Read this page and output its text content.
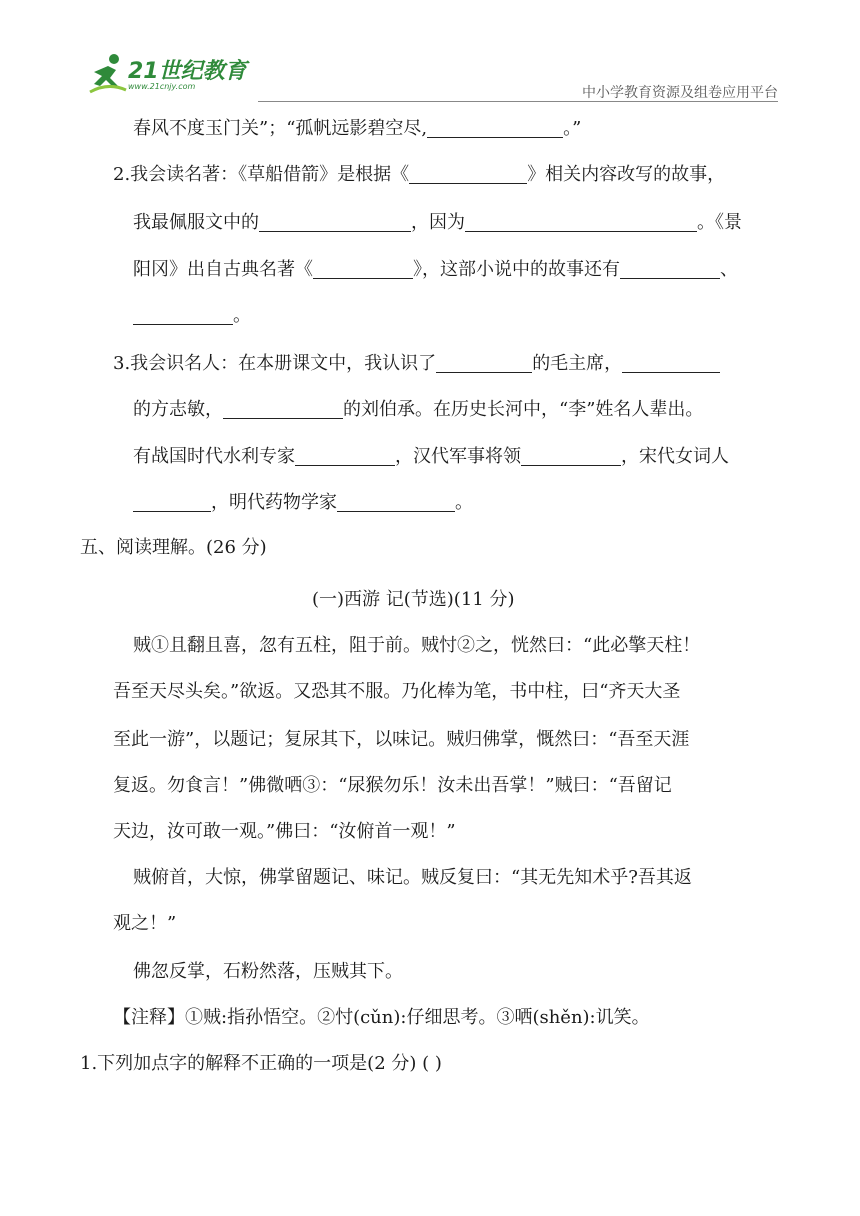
21世纪教育
www.21cnjy.com	中小学教育资源及组卷应用平台
春风不度玉门关”；“孤帆远影碧空尽,	。”
2.我会读名著：《草船借箭》是根据《	》相关内容改写的故事，
我最佩服文中的	，因为	。《景
阳冈》出自古典名著《	》，这部小说中的故事还有	、
。
3.我会识名人：在本册课文中，我认识了	的毛主席，
的方志敏，	的刘伯承。在历史长河中，“李”姓名人辈出。
有战国时代水利专家	，汉代军事将领	，宋代女词人
，明代药物学家	。
五、阅读理解。(26 分)
(一)西游 记(节选)(11 分)
贼①且翻且喜，忽有五柱，阻于前。贼忖②之，恍然曰：“此必擎天柱！
吾至天尽头矣。”欲返。又恐其不服。乃化棒为笔，书中柱，曰“齐天大圣
至此一游”，以题记；复尿其下，以味记。贼归佛掌，慨然曰：“吾至天涯
复返。勿食言！”佛微哂③：“尿猴勿乐！汝未出吾掌！”贼曰：“吾留记
天边，汝可敢一观。”佛曰：“汝俯首一观！”
贼俯首，大惊，佛掌留题记、味记。贼反复曰：“其无先知术乎?吾其返
观之！”
佛忽反掌，石粉然落，压贼其下。
【注释】①贼:指孙悟空。②忖(cǔn):仔细思考。③哂(shěn):讥笑。
1.下列加点字的解释不正确的一项是(2 分) ( )
